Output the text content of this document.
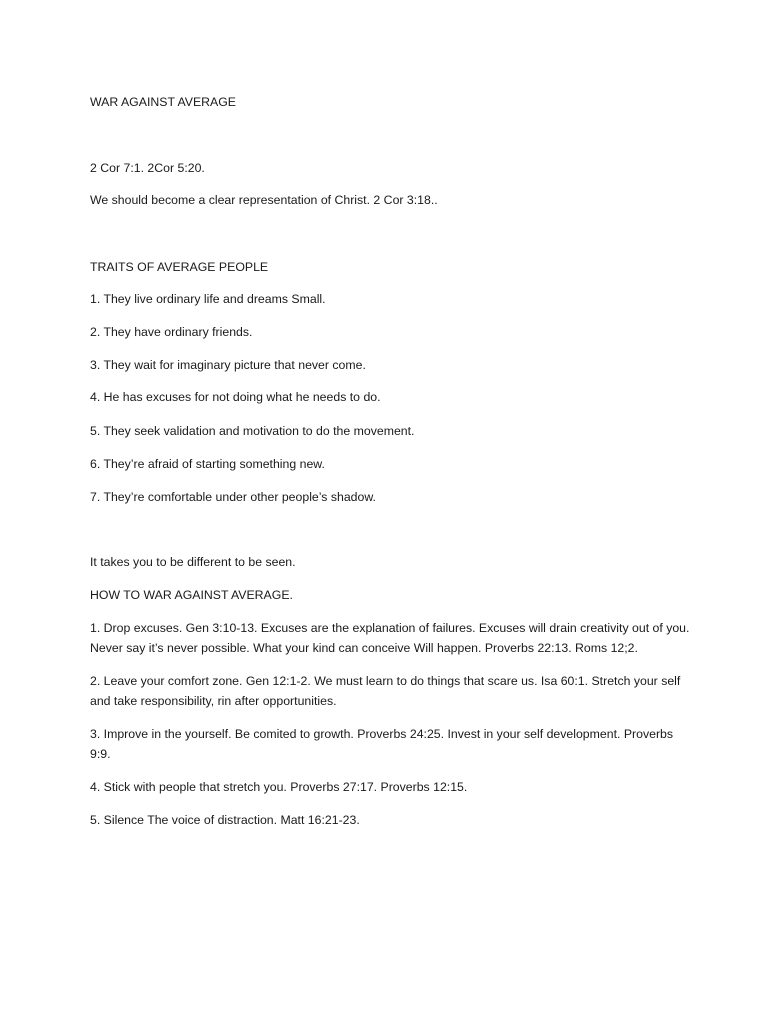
WAR AGAINST AVERAGE
2 Cor 7:1. 2Cor 5:20.
We should become a clear representation of Christ. 2 Cor 3:18..
TRAITS OF AVERAGE PEOPLE
1. They live ordinary life and dreams Small.
2. They have ordinary friends.
3. They wait for imaginary picture that never come.
4. He has excuses for not doing what he needs to do.
5. They seek validation and motivation to do the movement.
6. They’re afraid of starting something new.
7. They’re comfortable under other people’s shadow.
It takes you to be different to be seen.
HOW TO WAR AGAINST AVERAGE.
1. Drop excuses. Gen 3:10-13. Excuses are the explanation of failures. Excuses will drain creativity out of you. Never say it’s never possible. What your kind can conceive Will happen. Proverbs 22:13. Roms 12;2.
2. Leave your comfort zone. Gen 12:1-2. We must learn to do things that scare us. Isa 60:1. Stretch your self and take responsibility, rin after opportunities.
3. Improve in the yourself. Be comited to growth. Proverbs 24:25. Invest in your self development. Proverbs 9:9.
4. Stick with people that stretch you. Proverbs 27:17. Proverbs 12:15.
5. Silence The voice of distraction. Matt 16:21-23.
